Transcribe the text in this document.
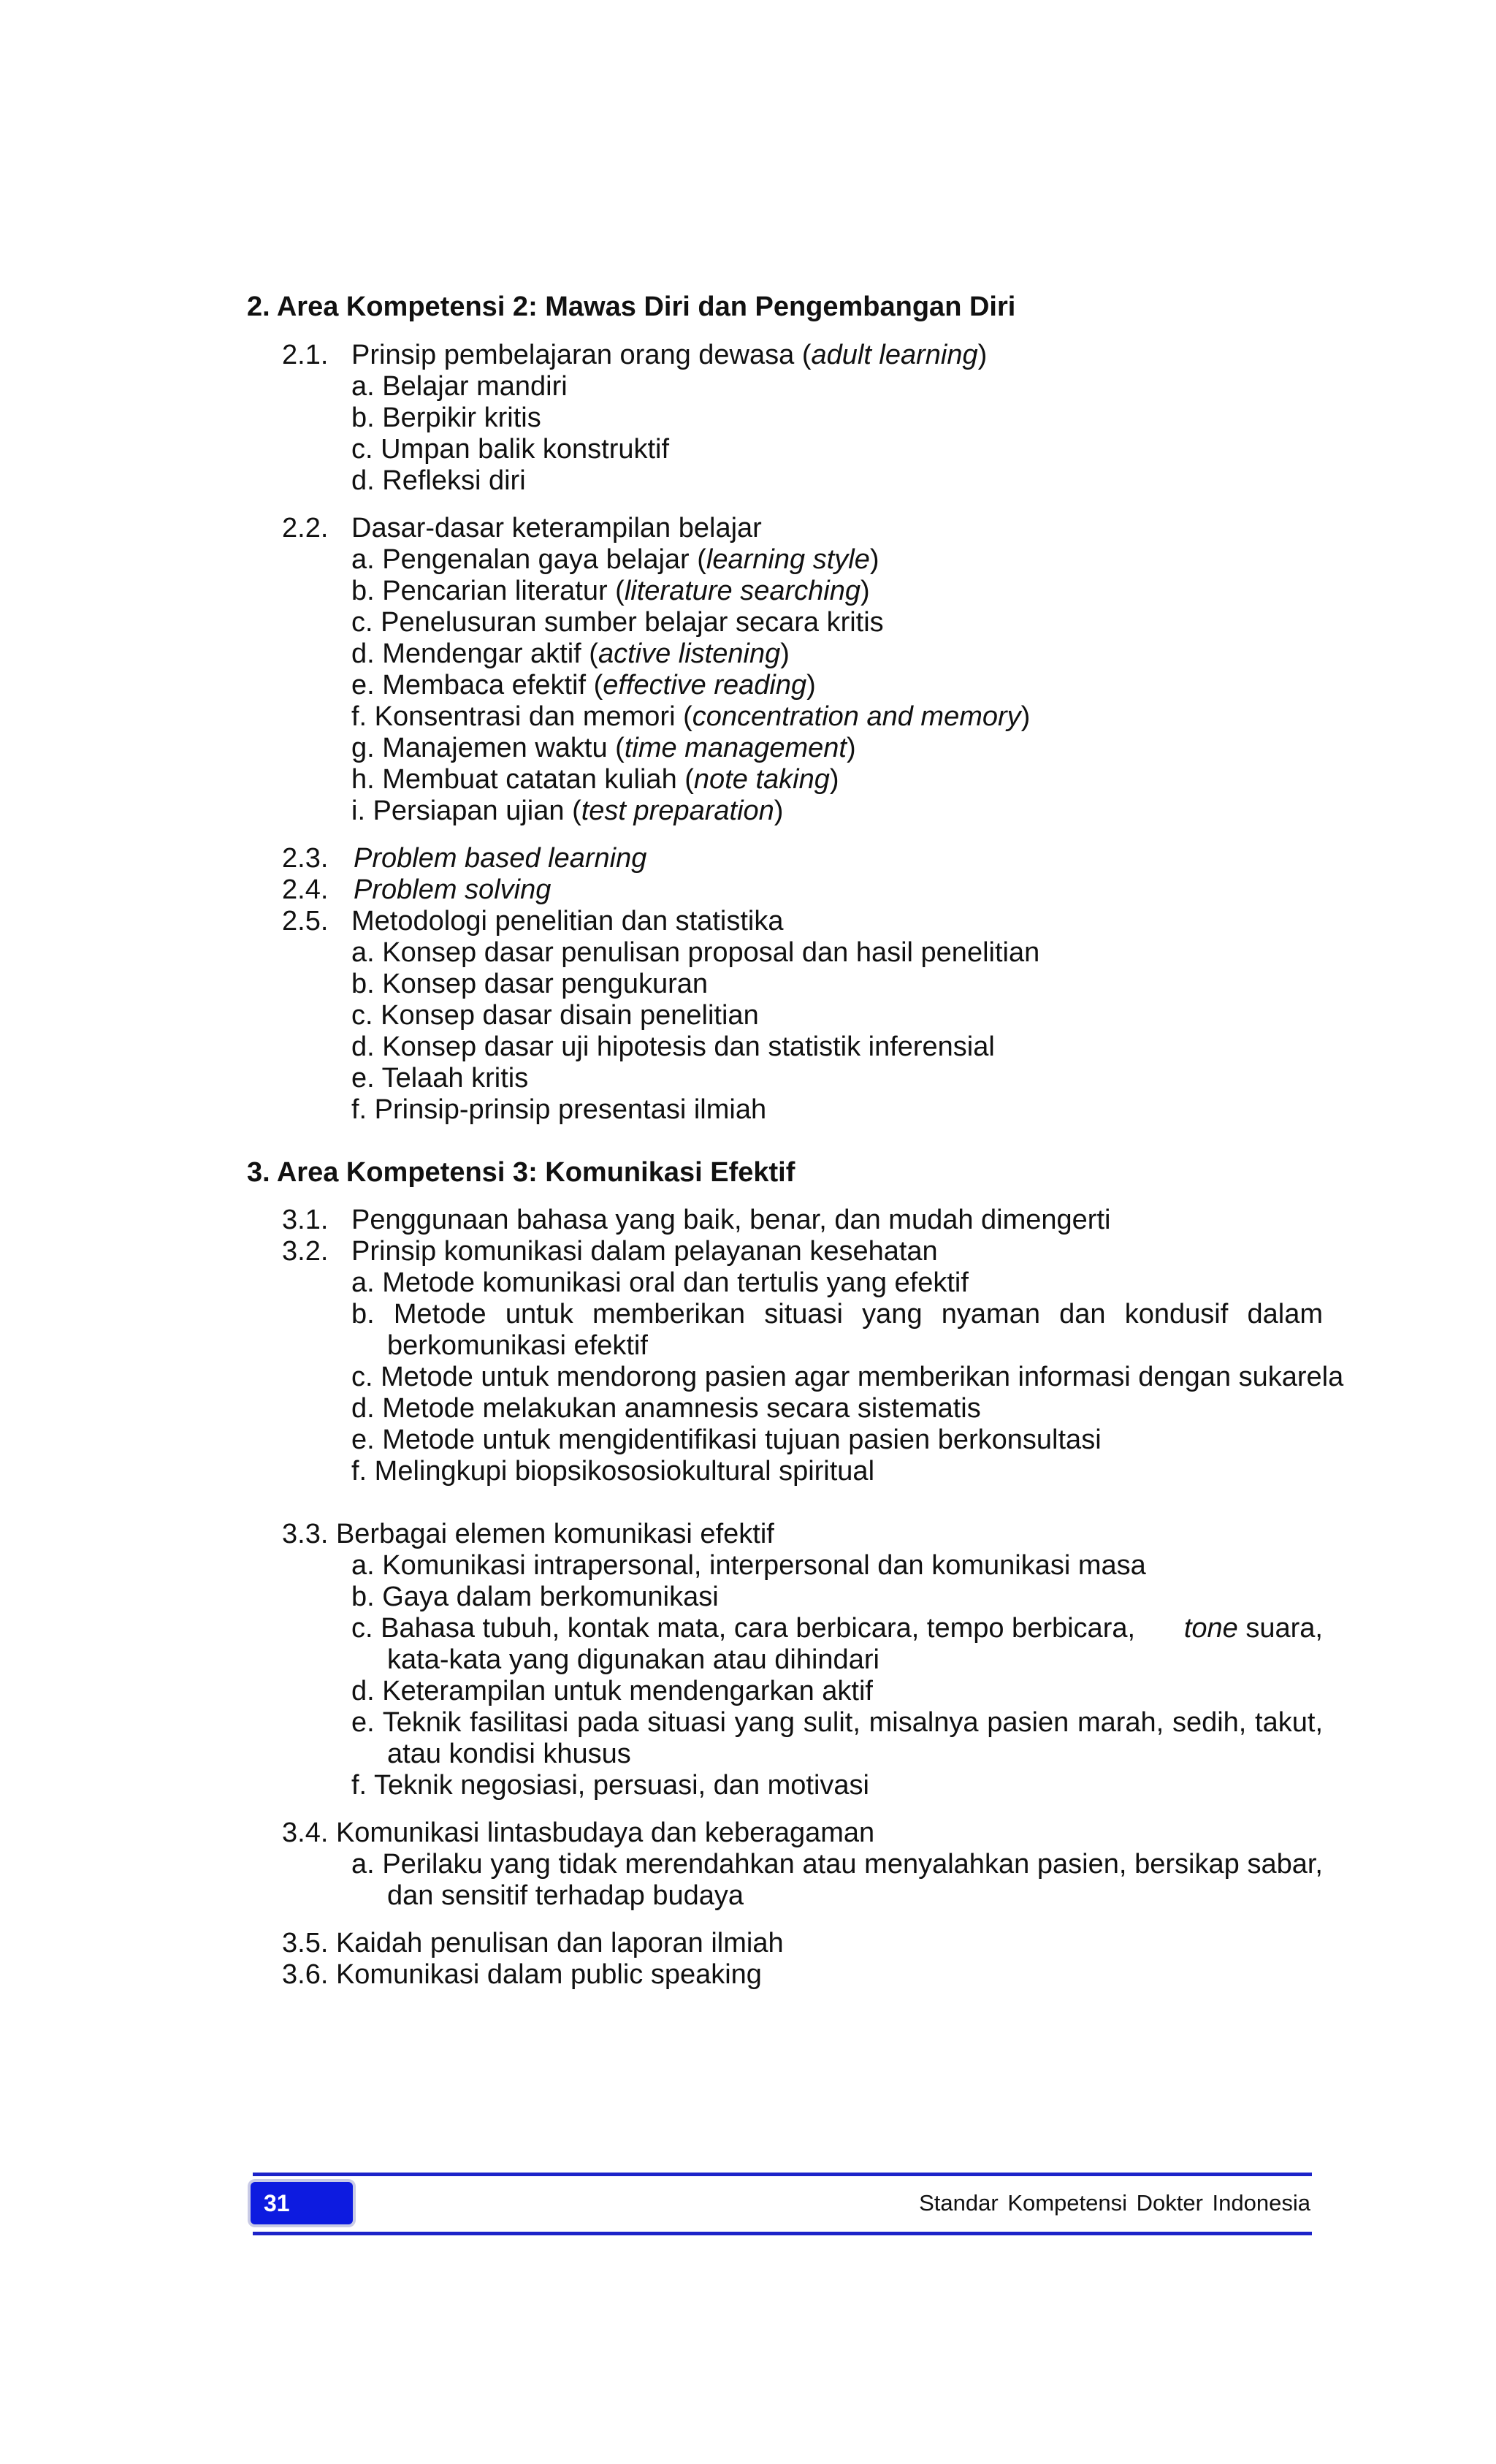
2. Area Kompetensi 2: Mawas Diri dan Pengembangan Diri
2.1. Prinsip pembelajaran orang dewasa (adult learning)
a. Belajar mandiri
b. Berpikir kritis
c. Umpan balik konstruktif
d. Refleksi diri
2.2. Dasar-dasar keterampilan belajar
a. Pengenalan gaya belajar (learning style)
b. Pencarian literatur (literature searching)
c. Penelusuran sumber belajar secara kritis
d. Mendengar aktif (active listening)
e. Membaca efektif (effective reading)
f. Konsentrasi dan memori (concentration and memory)
g. Manajemen waktu (time management)
h. Membuat catatan kuliah (note taking)
i. Persiapan ujian (test preparation)
2.3. Problem based learning
2.4. Problem solving
2.5. Metodologi penelitian dan statistika
a. Konsep dasar penulisan proposal dan hasil penelitian
b. Konsep dasar pengukuran
c. Konsep dasar disain penelitian
d. Konsep dasar uji hipotesis dan statistik inferensial
e. Telaah kritis
f. Prinsip-prinsip presentasi ilmiah
3. Area Kompetensi 3: Komunikasi Efektif
3.1. Penggunaan bahasa yang baik, benar, dan mudah dimengerti
3.2. Prinsip komunikasi dalam pelayanan kesehatan
a. Metode komunikasi oral dan tertulis yang efektif
b. Metode untuk memberikan situasi yang nyaman dan kondusif dalam
berkomunikasi efektif
c. Metode untuk mendorong pasien agar memberikan informasi dengan sukarela
d. Metode melakukan anamnesis secara sistematis
e. Metode untuk mengidentifikasi tujuan pasien berkonsultasi
f. Melingkupi biopsikososiokultural spiritual
3.3. Berbagai elemen komunikasi efektif
a. Komunikasi intrapersonal, interpersonal dan komunikasi masa
b. Gaya dalam berkomunikasi
c. Bahasa tubuh, kontak mata, cara berbicara, tempo berbicara, tone suara,
kata-kata yang digunakan atau dihindari
d. Keterampilan untuk mendengarkan aktif
e. Teknik fasilitasi pada situasi yang sulit, misalnya pasien marah, sedih, takut,
atau kondisi khusus
f. Teknik negosiasi, persuasi, dan motivasi
3.4. Komunikasi lintasbudaya dan keberagaman
a. Perilaku yang tidak merendahkan atau menyalahkan pasien, bersikap sabar,
dan sensitif terhadap budaya
3.5. Kaidah penulisan dan laporan ilmiah
3.6. Komunikasi dalam public speaking
31	Standar Kompetensi Dokter Indonesia
